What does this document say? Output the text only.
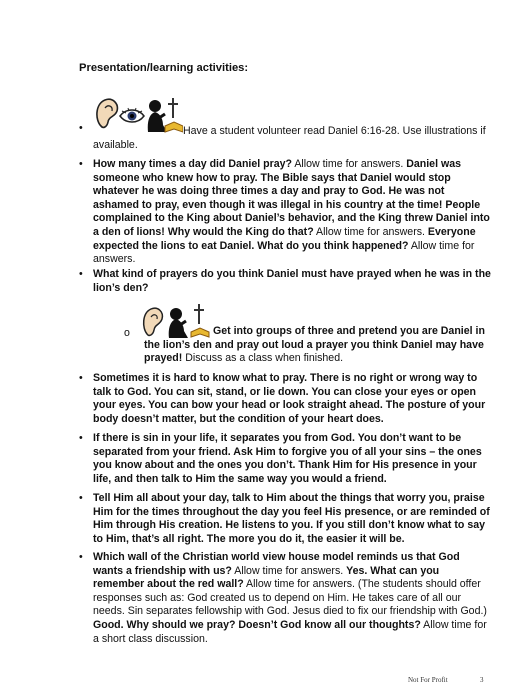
Presentation/learning activities:
•	Have a student volunteer read Daniel 6:16-28. Use illustrations if available.
• How many times a day did Daniel pray? Allow time for answers. Daniel was someone who knew how to pray. The Bible says that Daniel would stop whatever he was doing three times a day and pray to God. He was not ashamed to pray, even though it was illegal in his country at the time! People complained to the King about Daniel’s behavior, and the King threw Daniel into a den of lions! Why would the King do that? Allow time for answers. Everyone expected the lions to eat Daniel. What do you think happened? Allow time for answers.
• What kind of prayers do you think Daniel must have prayed when he was in the lion’s den?
o	Get into groups of three and pretend you are Daniel in the lion’s den and pray out loud a prayer you think Daniel may have prayed! Discuss as a class when finished.
• Sometimes it is hard to know what to pray. There is no right or wrong way to talk to God. You can sit, stand, or lie down. You can close your eyes or open your eyes. You can bow your head or look straight ahead. The posture of your body doesn’t matter, but the condition of your heart does.
• If there is sin in your life, it separates you from God. You don’t want to be separated from your friend. Ask Him to forgive you of all your sins – the ones you know about and the ones you don’t. Thank Him for His presence in your life, and then talk to Him the same way you would a friend.
• Tell Him all about your day, talk to Him about the things that worry you, praise Him for the times throughout the day you feel His presence, or are reminded of Him through His creation. He listens to you. If you still don’t know what to say to Him, that’s all right. The more you do it, the easier it will be.
• Which wall of the Christian world view house model reminds us that God wants a friendship with us? Allow time for answers. Yes. What can you remember about the red wall? Allow time for answers. (The students should offer responses such as: God created us to depend on Him. He takes care of all our needs. Sin separates fellowship with God. Jesus died to fix our friendship with God.) Good. Why should we pray? Doesn’t God know all our thoughts? Allow time for a short class discussion.
Not For Profit	3
